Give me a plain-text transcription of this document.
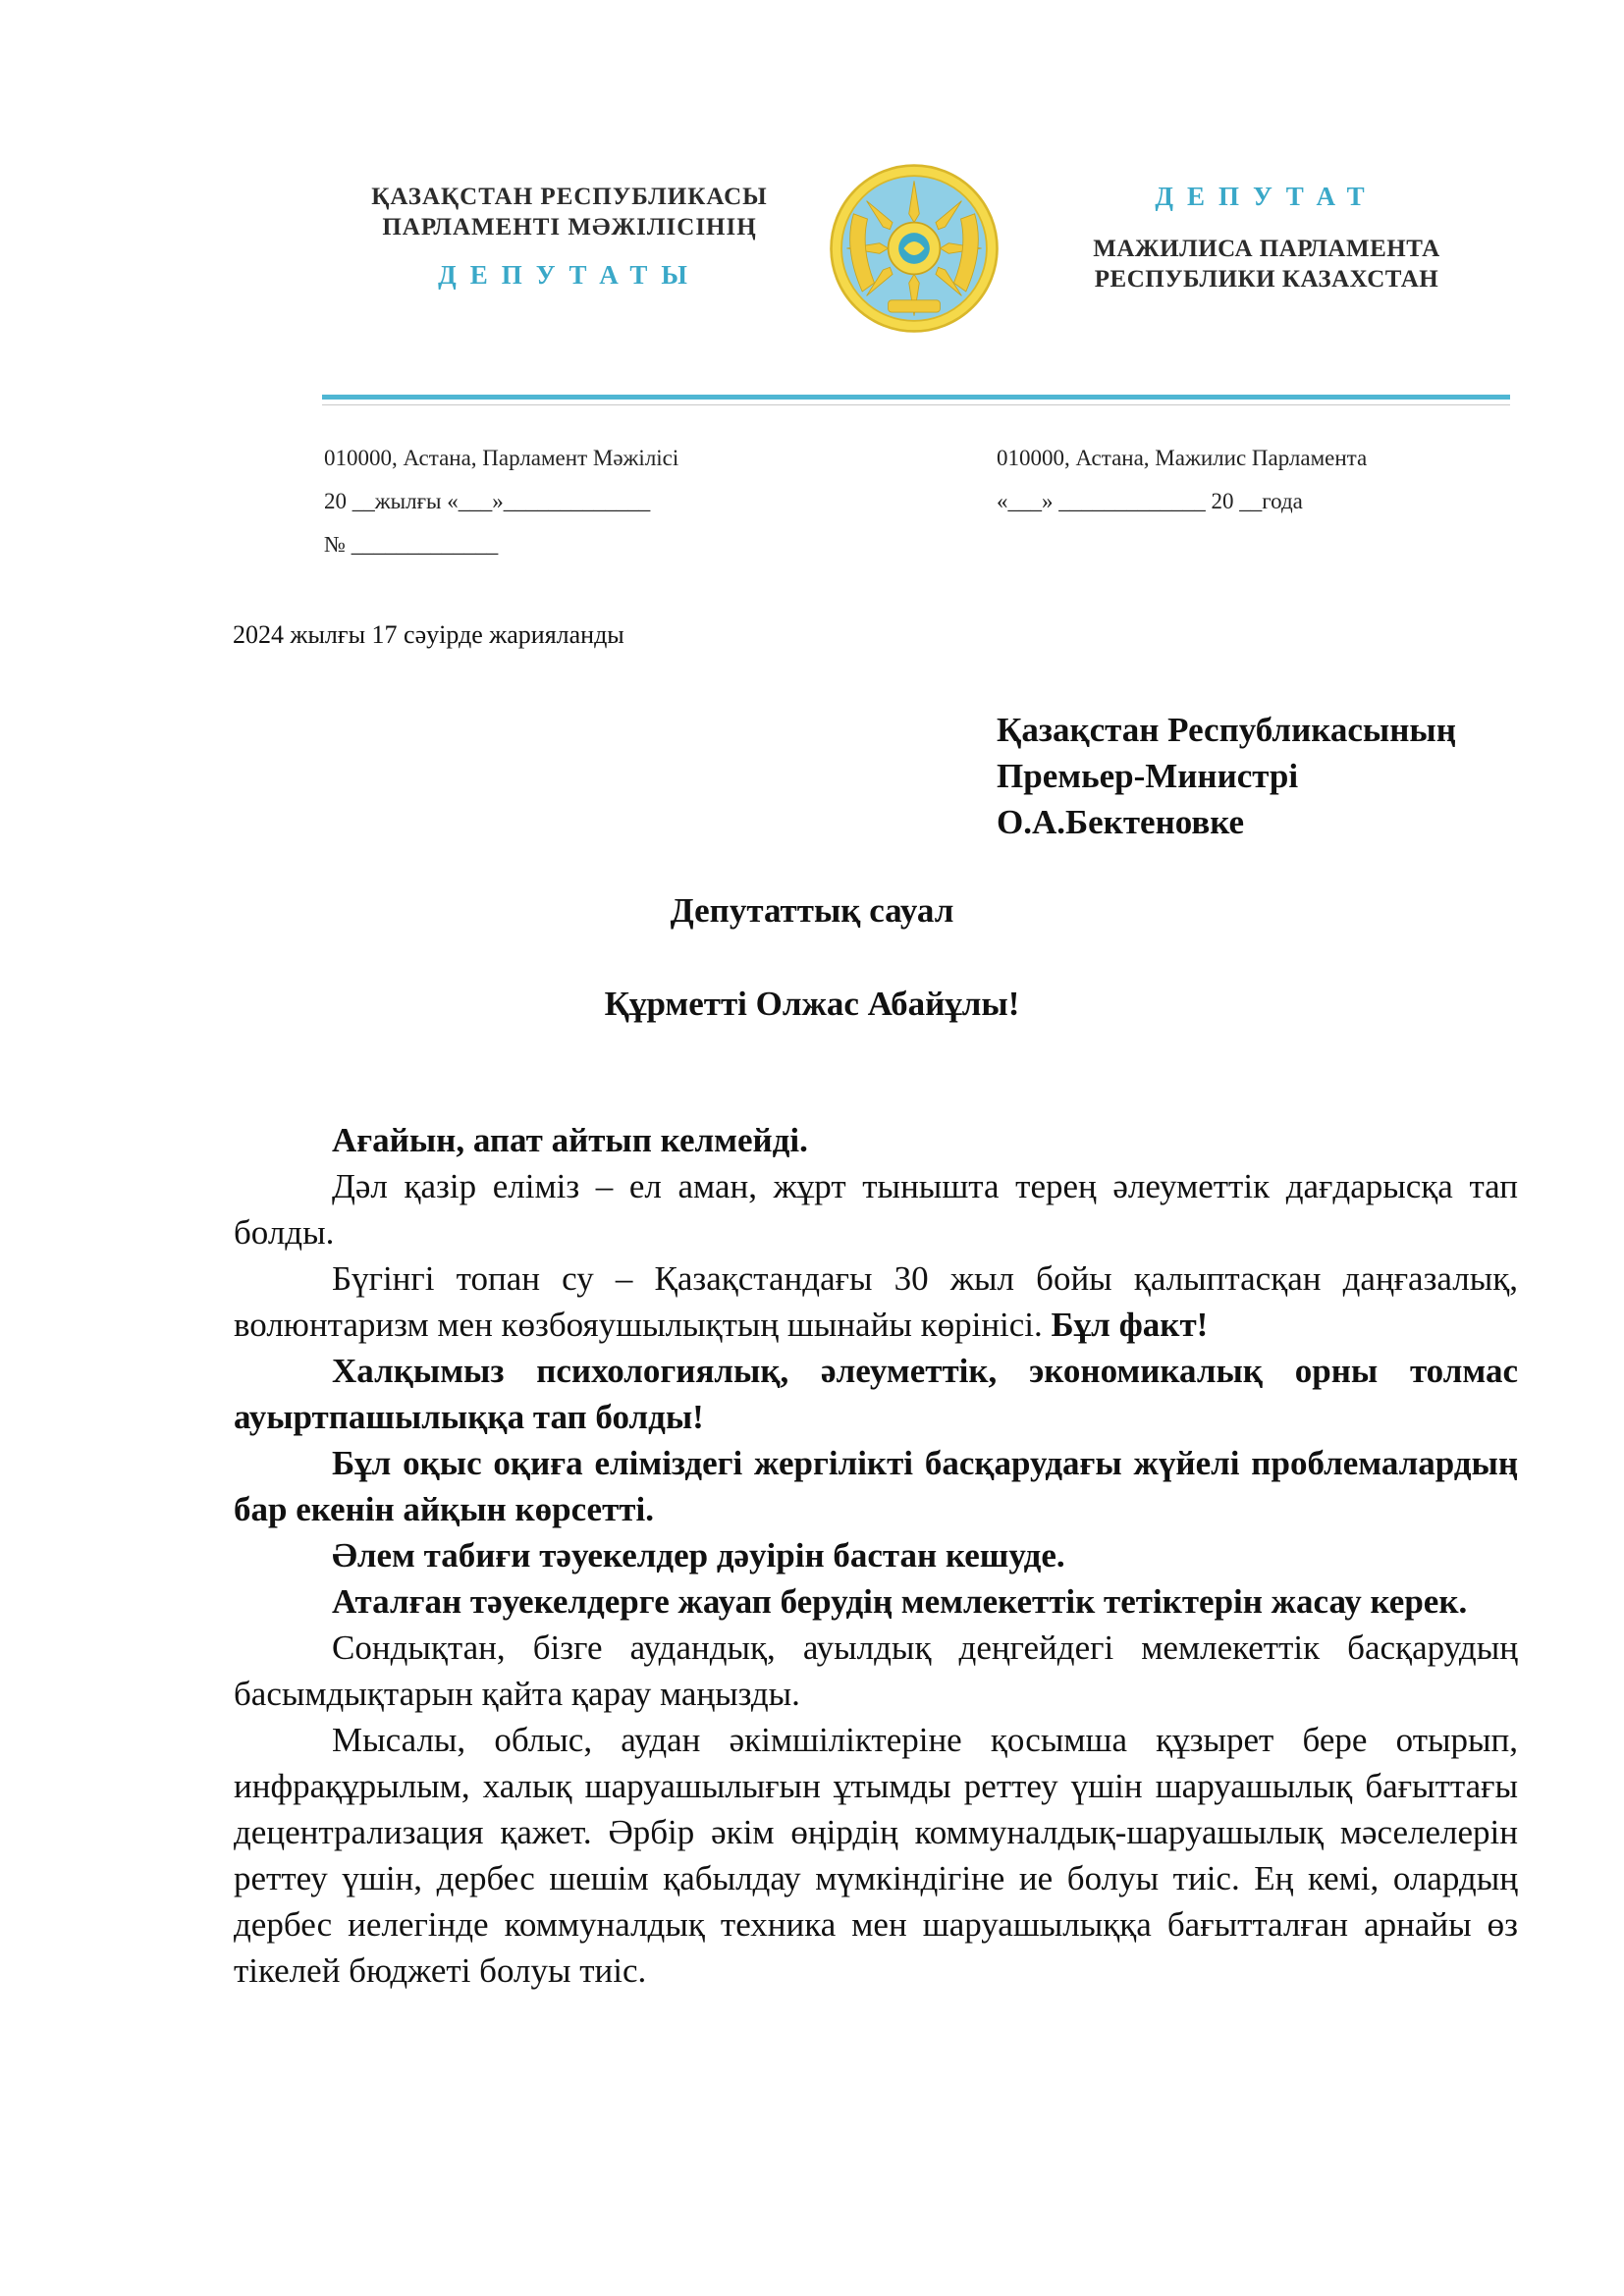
ҚАЗАҚСТАН РЕСПУБЛИКАСЫ
ПАРЛАМЕНТІ МӘЖІЛІСІНІҢ
ДЕПУТАТЫ
ДЕПУТАТ
МАЖИЛИСА ПАРЛАМЕНТА
РЕСПУБЛИКИ КАЗАХСТАН
010000, Астана, Парламент Мәжілісі
20 __жылғы «___»_____________
№ _____________
010000, Астана, Мажилис Парламента
«___» _____________ 20 __года
2024 жылғы 17 сәуірде жарияланды
Қазақстан Республикасының
Премьер-Министрі
О.А.Бектеновке
Депутаттық сауал
Құрметті Олжас Абайұлы!

Ағайын, апат айтып келмейді.

Дәл қазір еліміз – ел аман, жұрт тынышта терең әлеуметтік дағдарысқа тап болды.

Бүгінгі топан су – Қазақстандағы 30 жыл бойы қалыптасқан даңғазалық, волюнтаризм мен көзбояушылықтың шынайы көрінісі. Бұл факт!

Халқымыз психологиялық, әлеуметтік, экономикалық орны толмас ауыртпашылыққа тап болды!

Бұл оқыс оқиға еліміздегі жергілікті басқарудағы жүйелі проблемалардың бар екенін айқын көрсетті.

Әлем табиғи тәуекелдер дәуірін бастан кешуде.

Аталған тәуекелдерге жауап берудің мемлекеттік тетіктерін жасау керек.

Сондықтан, бізге аудандық, ауылдық деңгейдегі мемлекеттік басқарудың басымдықтарын қайта қарау маңызды.

Мысалы, облыс, аудан әкімшіліктеріне қосымша құзырет бере отырып, инфрақұрылым, халық шаруашылығын ұтымды реттеу үшін шаруашылық бағыттағы децентрализация қажет. Әрбір әкім өңірдің коммуналдық-шаруашылық мәселелерін реттеу үшін, дербес шешім қабылдау мүмкіндігіне ие болуы тиіс. Ең кемі, олардың дербес иелегінде коммуналдық техника мен шаруашылыққа бағытталған арнайы өз тікелей бюджеті болуы тиіс.
